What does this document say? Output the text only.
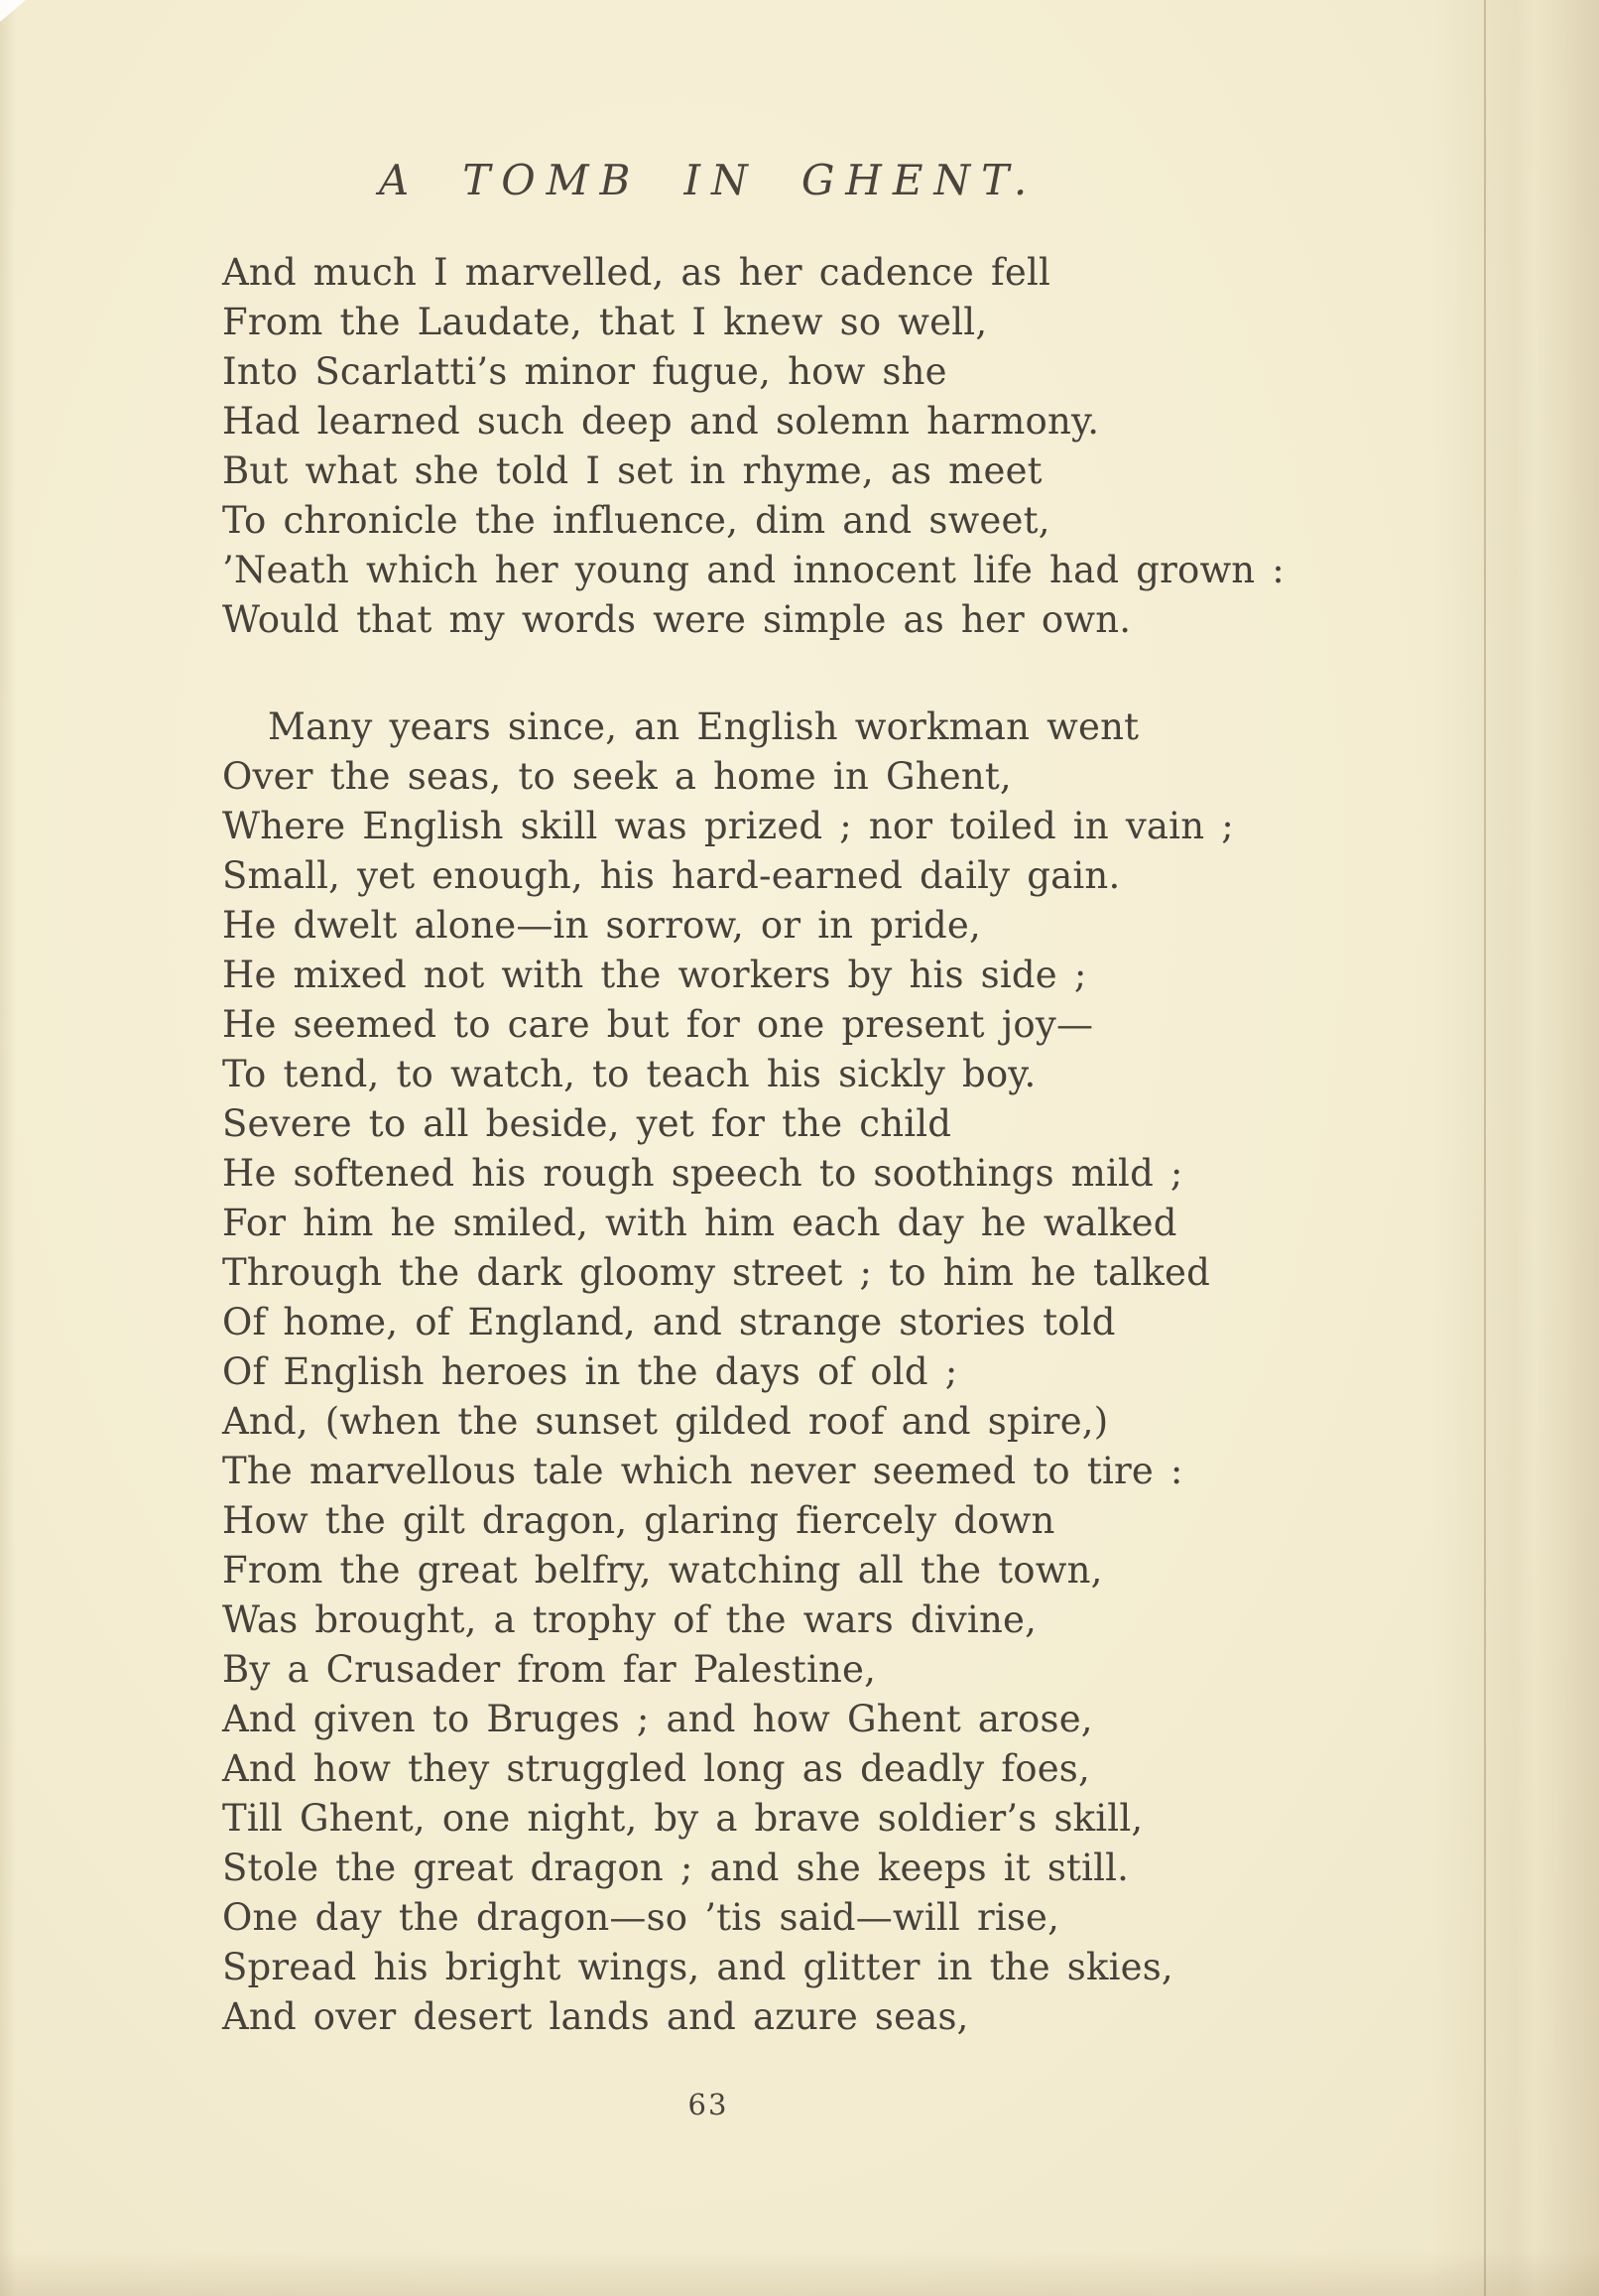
A TOMB IN GHENT.
And much I marvelled, as her cadence fell
From the Laudate, that I knew so well,
Into Scarlatti’s minor fugue, how she
Had learned such deep and solemn harmony.
But what she told I set in rhyme, as meet
To chronicle the influence, dim and sweet,
’Neath which her young and innocent life had grown :
Would that my words were simple as her own.
Many years since, an English workman went
Over the seas, to seek a home in Ghent,
Where English skill was prized ; nor toiled in vain ;
Small, yet enough, his hard-earned daily gain.
He dwelt alone—in sorrow, or in pride,
He mixed not with the workers by his side ;
He seemed to care but for one present joy—
To tend, to watch, to teach his sickly boy.
Severe to all beside, yet for the child
He softened his rough speech to soothings mild ;
For him he smiled, with him each day he walked
Through the dark gloomy street ; to him he talked
Of home, of England, and strange stories told
Of English heroes in the days of old ;
And, (when the sunset gilded roof and spire,)
The marvellous tale which never seemed to tire :
How the gilt dragon, glaring fiercely down
From the great belfry, watching all the town,
Was brought, a trophy of the wars divine,
By a Crusader from far Palestine,
And given to Bruges ; and how Ghent arose,
And how they struggled long as deadly foes,
Till Ghent, one night, by a brave soldier’s skill,
Stole the great dragon ; and she keeps it still.
One day the dragon—so ’tis said—will rise,
Spread his bright wings, and glitter in the skies,
And over desert lands and azure seas,
63
